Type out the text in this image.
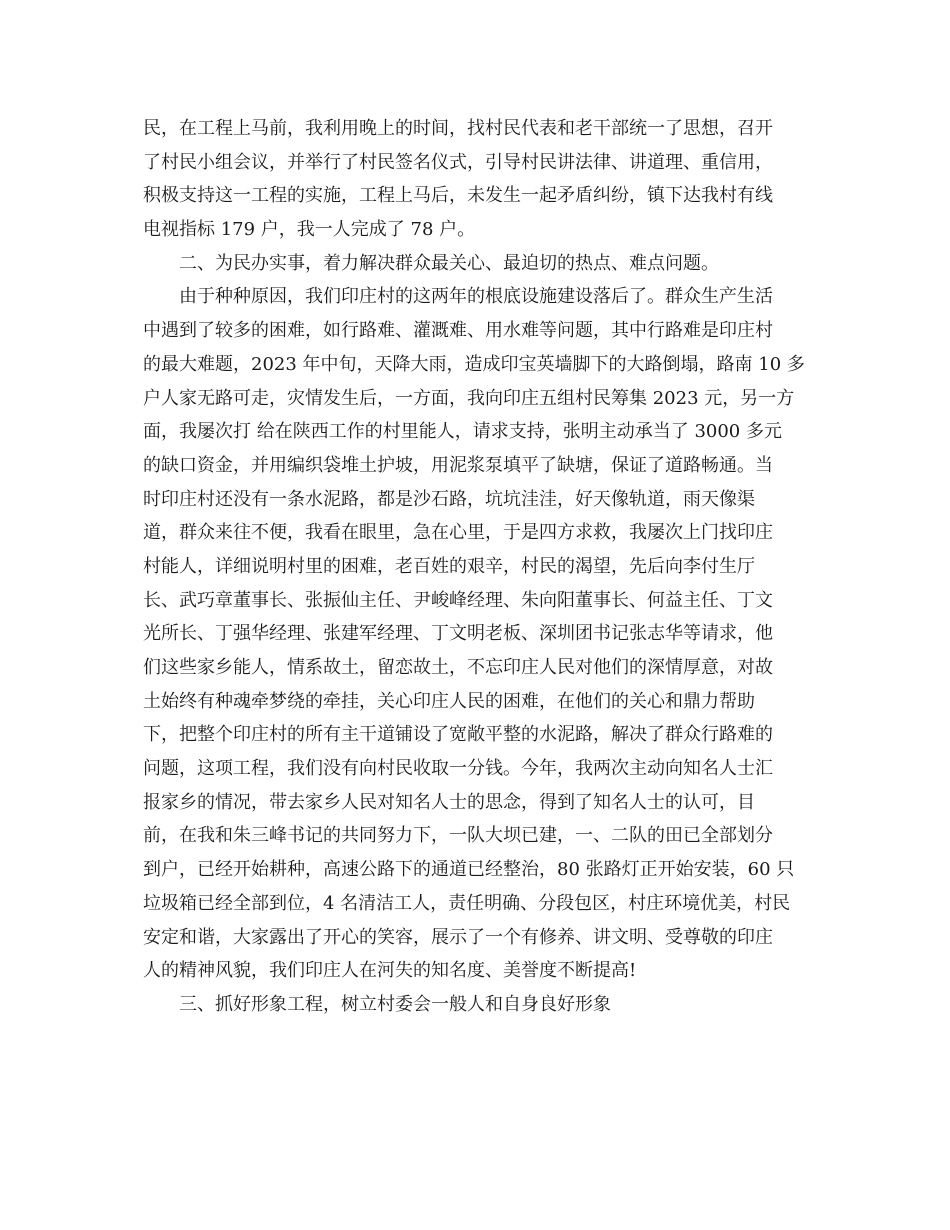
民，在工程上马前，我利用晚上的时间，找村民代表和老干部统一了思想，召开
了村民小组会议，并举行了村民签名仪式，引导村民讲法律、讲道理、重信用，
积极支持这一工程的实施，工程上马后，未发生一起矛盾纠纷，镇下达我村有线
电视指标 179 户，我一人完成了 78 户。
二、为民办实事，着力解决群众最关心、最迫切的热点、难点问题。
由于种种原因，我们印庄村的这两年的根底设施建设落后了。群众生产生活
中遇到了较多的困难，如行路难、灌溉难、用水难等问题，其中行路难是印庄村
的最大难题，2023 年中旬，天降大雨，造成印宝英墙脚下的大路倒塌，路南 10 多
户人家无路可走，灾情发生后，一方面，我向印庄五组村民筹集 2023 元，另一方
面，我屡次打 给在陕西工作的村里能人，请求支持，张明主动承当了 3000 多元
的缺口资金，并用编织袋堆土护坡，用泥浆泵填平了缺塘，保证了道路畅通。当
时印庄村还没有一条水泥路，都是沙石路，坑坑洼洼，好天像轨道，雨天像渠
道，群众来往不便，我看在眼里，急在心里，于是四方求救，我屡次上门找印庄
村能人，详细说明村里的困难，老百姓的艰辛，村民的渴望，先后向李付生厅
长、武巧章董事长、张振仙主任、尹峻峰经理、朱向阳董事长、何益主任、丁文
光所长、丁强华经理、张建军经理、丁文明老板、深圳团书记张志华等请求，他
们这些家乡能人，情系故土，留恋故土，不忘印庄人民对他们的深情厚意，对故
土始终有种魂牵梦绕的牵挂，关心印庄人民的困难，在他们的关心和鼎力帮助
下，把整个印庄村的所有主干道铺设了宽敞平整的水泥路，解决了群众行路难的
问题，这项工程，我们没有向村民收取一分钱。今年，我两次主动向知名人士汇
报家乡的情况，带去家乡人民对知名人士的思念，得到了知名人士的认可，目
前，在我和朱三峰书记的共同努力下，一队大坝已建，一、二队的田已全部划分
到户，已经开始耕种，高速公路下的通道已经整治，80 张路灯正开始安装，60 只
垃圾箱已经全部到位，4 名清洁工人，责任明确、分段包区，村庄环境优美，村民
安定和谐，大家露出了开心的笑容，展示了一个有修养、讲文明、受尊敬的印庄
人的精神风貌，我们印庄人在河失的知名度、美誉度不断提高!
三、抓好形象工程，树立村委会一般人和自身良好形象
